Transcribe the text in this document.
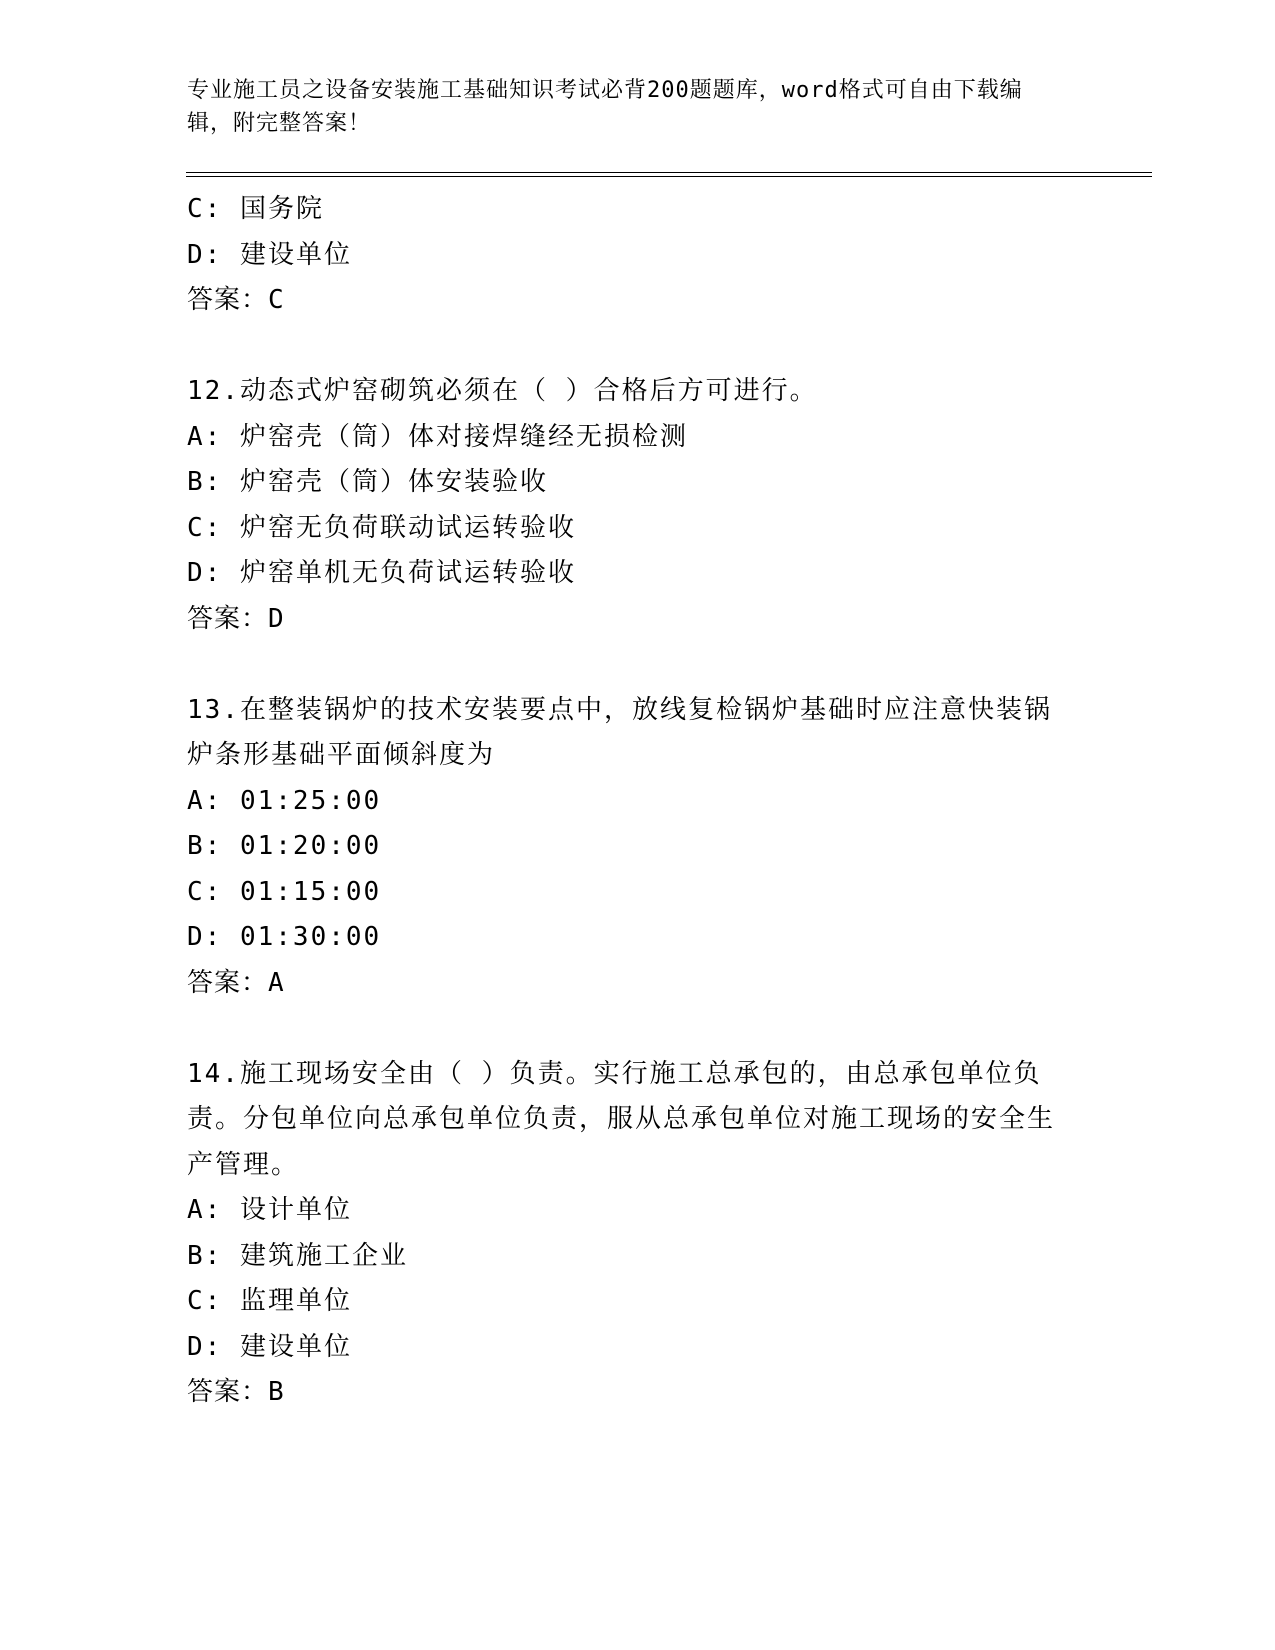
专业施工员之设备安装施工基础知识考试必背200题题库，word格式可自由下载编辑，附完整答案！
C: 国务院
D: 建设单位
答案：C
12.动态式炉窑砌筑必须在（ ）合格后方可进行。
A: 炉窑壳（筒）体对接焊缝经无损检测
B: 炉窑壳（筒）体安装验收
C: 炉窑无负荷联动试运转验收
D: 炉窑单机无负荷试运转验收
答案：D
13.在整装锅炉的技术安装要点中，放线复检锅炉基础时应注意快装锅炉条形基础平面倾斜度为
A: 01:25:00
B: 01:20:00
C: 01:15:00
D: 01:30:00
答案：A
14.施工现场安全由（ ）负责。实行施工总承包的，由总承包单位负责。分包单位向总承包单位负责，服从总承包单位对施工现场的安全生产管理。
A: 设计单位
B: 建筑施工企业
C: 监理单位
D: 建设单位
答案：B
